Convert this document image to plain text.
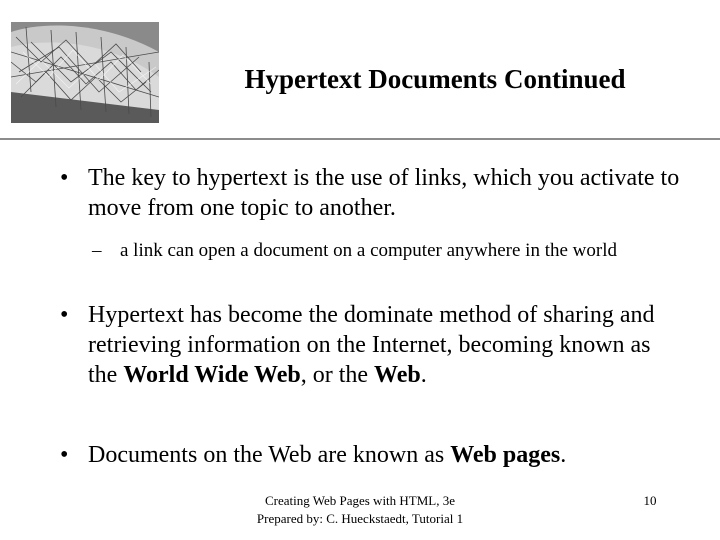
Hypertext Documents Continued
• The key to hypertext is the use of links, which you activate to move from one topic to another.
– a link can open a document on a computer anywhere in the world
• Hypertext has become the dominate method of sharing and retrieving information on the Internet, becoming known as the World Wide Web, or the Web.
• Documents on the Web are known as Web pages.
Creating Web Pages with HTML, 3e
Prepared by: C. Hueckstaedt, Tutorial 1
10
